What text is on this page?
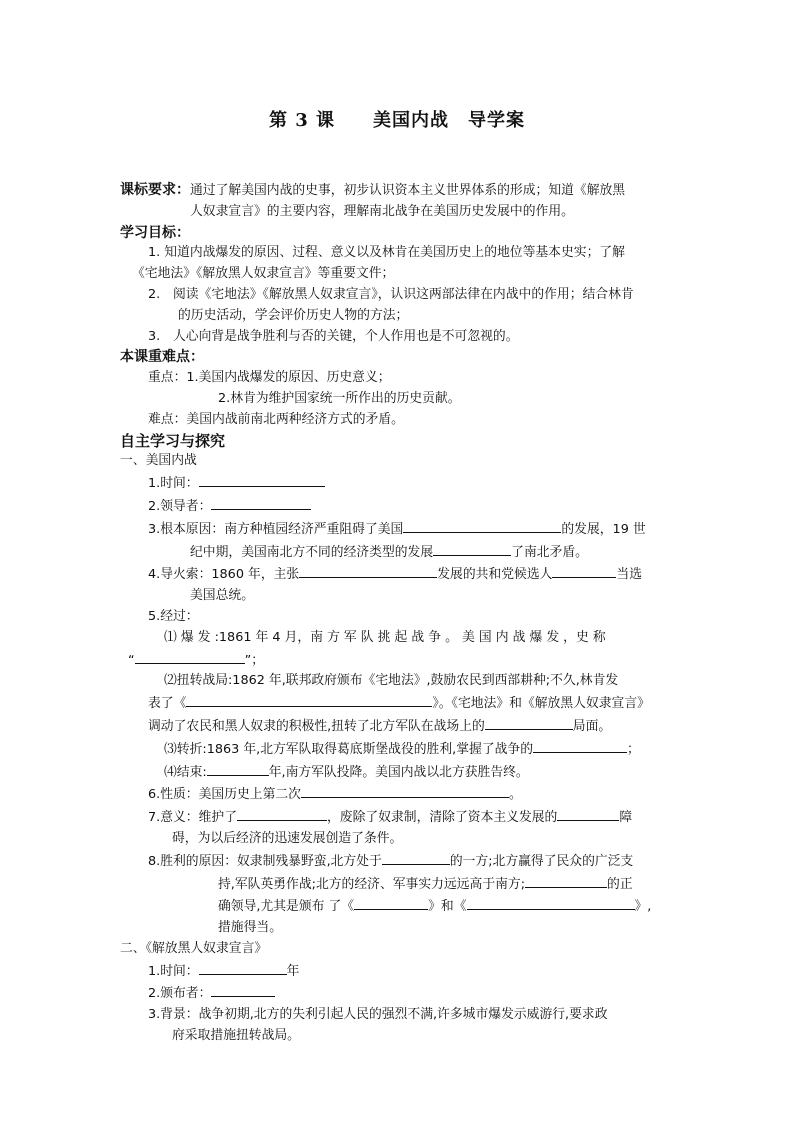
第 3 课　　美国内战　导学案
课标要求：通过了解美国内战的史事，初步认识资本主义世界体系的形成；知道《解放黑
人奴隶宣言》的主要内容，理解南北战争在美国历史发展中的作用。
学习目标：
1. 知道内战爆发的原因、过程、意义以及林肯在美国历史上的地位等基本史实；了解
《宅地法》《解放黑人奴隶宣言》等重要文件；
2.　阅读《宅地法》《解放黑人奴隶宣言》，认识这两部法律在内战中的作用；结合林肯
的历史活动，学会评价历史人物的方法；
3.　人心向背是战争胜利与否的关键，个人作用也是不可忽视的。
本课重难点：
重点：1.美国内战爆发的原因、历史意义；
2.林肯为维护国家统一所作出的历史贡献。
难点：美国内战前南北两种经济方式的矛盾。
自主学习与探究
一、美国内战
1.时间：
2.领导者：
3.根本原因：南方种植园经济严重阻碍了美国	的发展，19 世
纪中期，美国南北方不同的经济类型的发展	了南北矛盾。
4.导火索：1860 年，主张	发展的共和党候选人	当选
美国总统。
5.经过：
⑴ 爆 发 :1861 年 4 月，南 方 军 队 挑 起 战 争 。 美 国 内 战 爆 发 ，史 称
“	”；
⑵扭转战局:1862 年,联邦政府颁布《宅地法》,鼓励农民到西部耕种;不久,林肯发
表了《	》。《宅地法》和《解放黑人奴隶宣言》
调动了农民和黑人奴隶的积极性,扭转了北方军队在战场上的	局面。
⑶转折:1863 年,北方军队取得葛底斯堡战役的胜利,掌握了战争的	；
⑷结束:	年,南方军队投降。美国内战以北方获胜告终。
6.性质：美国历史上第二次	。
7.意义：维护了	，废除了奴隶制，清除了资本主义发展的	障
碍，为以后经济的迅速发展创造了条件。
8.胜利的原因：奴隶制残暴野蛮,北方处于	的一方;北方赢得了民众的广泛支
持,军队英勇作战;北方的经济、军事实力远远高于南方;	的正
确领导,尤其是颁布 了《	》和《	》,
措施得当。
二、《解放黑人奴隶宣言》
1.时间：	年
2.颁布者：
3.背景：战争初期,北方的失利引起人民的强烈不满,许多城市爆发示威游行,要求政
府采取措施扭转战局。
